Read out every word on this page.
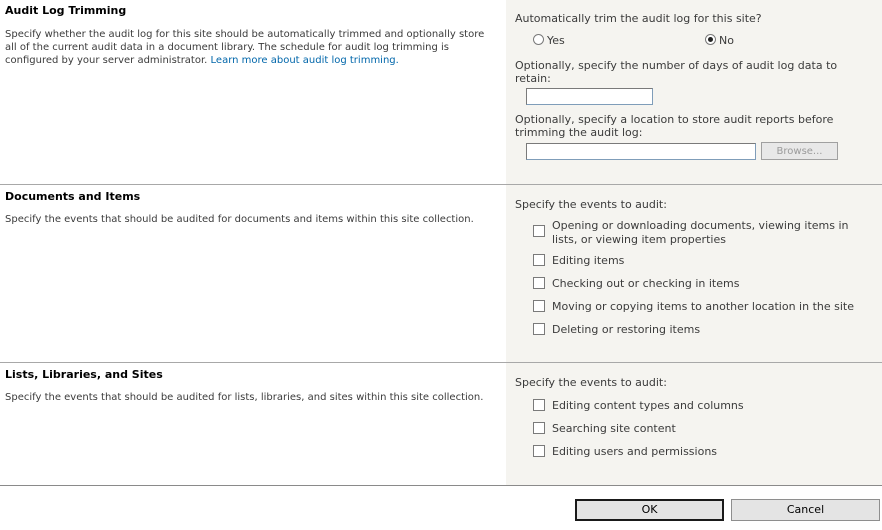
Audit Log Trimming
Specify whether the audit log for this site should be automatically trimmed and optionally store all of the current audit data in a document library. The schedule for audit log trimming is configured by your server administrator. Learn more about audit log trimming.
Automatically trim the audit log for this site?
Yes	No
Optionally, specify the number of days of audit log data to retain:
Optionally, specify a location to store audit reports before trimming the audit log:
Browse...
Documents and Items
Specify the events that should be audited for documents and items within this site collection.
Specify the events to audit:
Opening or downloading documents, viewing items in lists, or viewing item properties
Editing items
Checking out or checking in items
Moving or copying items to another location in the site
Deleting or restoring items
Lists, Libraries, and Sites
Specify the events that should be audited for lists, libraries, and sites within this site collection.
Specify the events to audit:
Editing content types and columns
Searching site content
Editing users and permissions
OK	Cancel
